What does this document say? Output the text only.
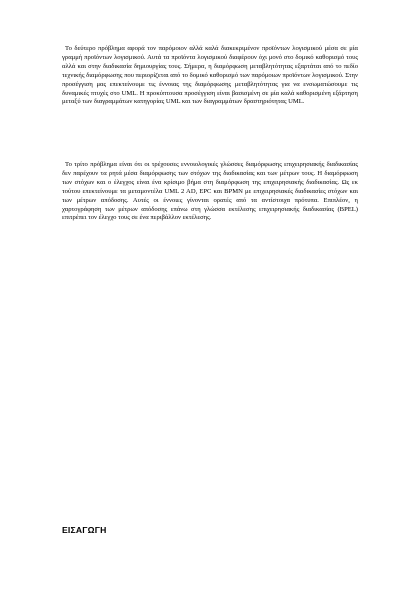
Το δεύτερο πρόβλημα αφορά τον παρόμοιον αλλά καλά διακεκριμένον προϊόντων λογισμικού μέσα σε μία γραμμή προϊόντων λογισμικού. Αυτά τα προϊόντα λογισμικού διαφέρουν όχι μονό στο δομικό καθορισμό τους αλλά και στην διαδικασία δημιουργίας τους. Σήμερα, η διαμόρφωση μεταβλητότητας εξαρτάται από το πεδίο τεχνικής διαμόρφωσης που περιορίζεται από το δομικό καθορισμό των παρόμοιων προϊόντων λογισμικού. Στην προσέγγιση μας επεκτείνουμε τις έννοιας της διαμόρφωσης μεταβλητότητας για να ενσωματώσουμε τις δυναμικές πτυχές στο UML. Η προκύπτουσα προσέγγιση είναι βασισμένη σε μία καλά καθορισμένη εξάρτηση μεταξύ των διαγραμμάτων κατηγορίας UML και των διαγραμμάτων δραστηριότητας UML.

Το τρίτο πρόβλημα είναι ότι οι τρέχουσες εννοιολογικές γλώσσες διαμόρφωσης επιχειρησιακής διαδικασίας δεν παρέχουν τα ρητά μέσα διαμόρφωσης των στόχων της διαδικασίας και των μέτρων τους. Η διαμόρφωση των στόχων και ο έλεγχος είναι ένα κρίσιμο βήμα στη διαμόρφωση της επιχειρησιακής διαδικασίας. Ως εκ τούτου επεκτείνουμε τα μεταμοντέλα UML 2 AD, EPC και BPMN με επιχειρησιακές διαδικασίες στόχων και των μέτρων απόδοσης. Αυτές οι έννοιες γίνονται ορατές από τα αντίστοιχα πρότυπα. Επιπλέον, η χαρτογράφηση των μέτρων απόδοσης επάνω στη γλώσσα εκτέλεσης επιχειρησιακής διαδικασίας (BPEL) επιτρέπει τον έλεγχο τους σε ένα περιβάλλον εκτέλεσης.

ΕΙΣΑΓΩΓΗ
